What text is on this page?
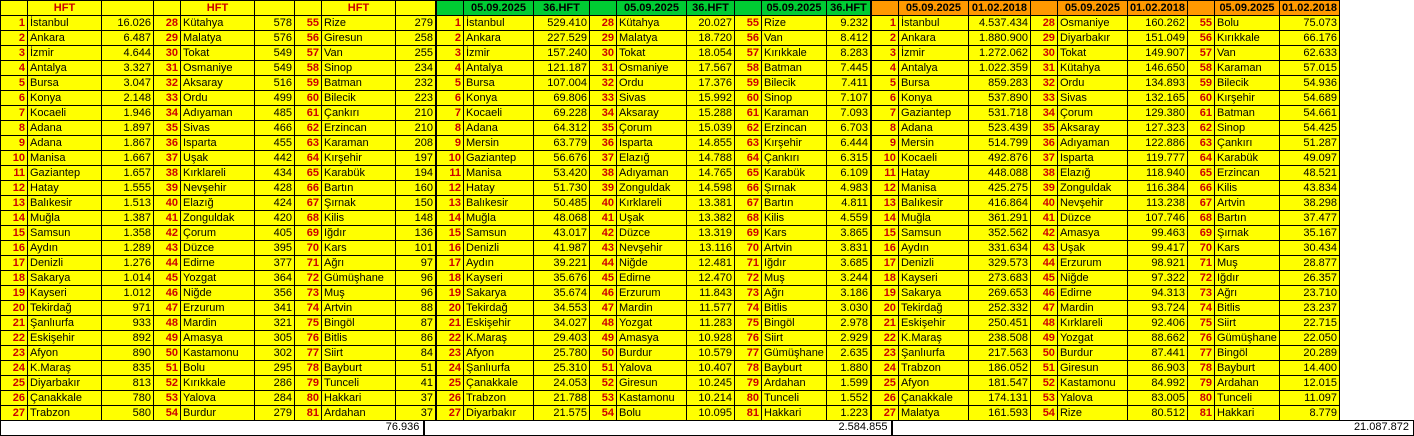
	HFT			HFT			HFT	
1	İstanbul	16.026	28	Kütahya	578	55	Rize	279
2	Ankara	6.487	29	Malatya	576	56	Giresun	258
3	İzmir	4.644	30	Tokat	549	57	Van	255
4	Antalya	3.327	31	Osmaniye	549	58	Sinop	234
5	Bursa	3.047	32	Aksaray	516	59	Batman	232
6	Konya	2.148	33	Ordu	499	60	Bilecik	223
7	Kocaeli	1.946	34	Adıyaman	485	61	Çankırı	210
8	Adana	1.897	35	Sivas	466	62	Erzincan	210
9	Adana	1.867	36	Isparta	455	63	Karaman	208
10	Manisa	1.667	37	Uşak	442	64	Kırşehir	197
11	Gaziantep	1.657	38	Kırklareli	434	65	Karabük	194
12	Hatay	1.555	39	Nevşehir	428	66	Bartın	160
13	Balıkesir	1.513	40	Elazığ	424	67	Şırnak	150
14	Muğla	1.387	41	Zonguldak	420	68	Kilis	148
15	Samsun	1.358	42	Çorum	405	69	Iğdır	136
16	Aydın	1.289	43	Düzce	395	70	Kars	101
17	Denizli	1.276	44	Edirne	377	71	Ağrı	97
18	Sakarya	1.014	45	Yozgat	364	72	Gümüşhane	96
19	Kayseri	1.012	46	Niğde	356	73	Muş	96
20	Tekirdağ	971	47	Erzurum	341	74	Artvin	88
21	Şanlıurfa	933	48	Mardin	321	75	Bingöl	87
22	Eskişehir	892	49	Amasya	305	76	Bitlis	86
23	Afyon	890	50	Kastamonu	302	77	Siirt	84
24	K.Maraş	835	51	Bolu	295	78	Bayburt	51
25	Diyarbakır	813	52	Kırıkkale	286	79	Tunceli	41
26	Çanakkale	780	53	Yalova	284	80	Hakkari	37
27	Trabzon	580	54	Burdur	279	81	Ardahan	37
	05.09.2025	36.HFT		05.09.2025	36.HFT		05.09.2025	36.HFT
1	İstanbul	529.410	28	Kütahya	20.027	55	Rize	9.232
2	Ankara	227.529	29	Malatya	18.720	56	Van	8.412
3	İzmir	157.240	30	Tokat	18.054	57	Kırıkkale	8.283
4	Antalya	121.187	31	Osmaniye	17.567	58	Batman	7.445
5	Bursa	107.004	32	Ordu	17.376	59	Bilecik	7.411
6	Konya	69.806	33	Sivas	15.992	60	Sinop	7.107
7	Kocaeli	69.228	34	Aksaray	15.288	61	Karaman	7.093
8	Adana	64.312	35	Çorum	15.039	62	Erzincan	6.703
9	Mersin	63.779	36	Isparta	14.855	63	Kırşehir	6.444
10	Gaziantep	56.676	37	Elazığ	14.788	64	Çankırı	6.315
11	Manisa	53.420	38	Adıyaman	14.765	65	Karabük	6.109
12	Hatay	51.730	39	Zonguldak	14.598	66	Şırnak	4.983
13	Balıkesir	50.485	40	Kırklareli	13.381	67	Bartın	4.811
14	Muğla	48.068	41	Uşak	13.382	68	Kilis	4.559
15	Samsun	43.017	42	Düzce	13.319	69	Kars	3.865
16	Denizli	41.987	43	Nevşehir	13.116	70	Artvin	3.831
17	Aydın	39.221	44	Niğde	12.481	71	Iğdır	3.685
18	Kayseri	35.676	45	Edirne	12.470	72	Muş	3.244
19	Sakarya	35.674	46	Erzurum	11.843	73	Ağrı	3.186
20	Tekirdağ	34.553	47	Mardin	11.577	74	Bitlis	3.030
21	Eskişehir	34.027	48	Yozgat	11.283	75	Bingöl	2.978
22	K.Maraş	29.403	49	Amasya	10.928	76	Siirt	2.929
23	Afyon	25.780	50	Burdur	10.579	77	Gümüşhane	2.635
24	Şanlıurfa	25.310	51	Yalova	10.407	78	Bayburt	1.880
25	Çanakkale	24.053	52	Giresun	10.245	79	Ardahan	1.599
26	Trabzon	21.788	53	Kastamonu	10.214	80	Tunceli	1.552
27	Diyarbakır	21.575	54	Bolu	10.095	81	Hakkari	1.223
	05.09.2025	01.02.2018		05.09.2025	01.02.2018		05.09.2025	01.02.2018
1	İstanbul	4.537.434	28	Osmaniye	160.262	55	Bolu	75.073
2	Ankara	1.880.900	29	Diyarbakır	151.049	56	Kırıkkale	66.176
3	İzmir	1.272.062	30	Tokat	149.907	57	Van	62.633
4	Antalya	1.022.359	31	Kütahya	146.650	58	Karaman	57.015
5	Bursa	859.283	32	Ordu	134.893	59	Bilecik	54.936
6	Konya	537.890	33	Sivas	132.165	60	Kırşehir	54.689
7	Gaziantep	531.718	34	Çorum	129.380	61	Batman	54.661
8	Adana	523.439	35	Aksaray	127.323	62	Sinop	54.425
9	Mersin	514.799	36	Adıyaman	122.886	63	Çankırı	51.287
10	Kocaeli	492.876	37	Isparta	119.777	64	Karabük	49.097
11	Hatay	448.088	38	Elazığ	118.940	65	Erzincan	48.521
12	Manisa	425.275	39	Zonguldak	116.384	66	Kilis	43.834
13	Balıkesir	416.864	40	Nevşehir	113.238	67	Artvin	38.298
14	Muğla	361.291	41	Düzce	107.746	68	Bartın	37.477
15	Samsun	352.562	42	Amasya	99.463	69	Şırnak	35.167
16	Aydın	331.634	43	Uşak	99.417	70	Kars	30.434
17	Denizli	329.573	44	Erzurum	98.921	71	Muş	28.877
18	Kayseri	273.683	45	Niğde	97.322	72	Iğdır	26.357
19	Sakarya	269.653	46	Edirne	94.313	73	Ağrı	23.710
20	Tekirdağ	252.332	47	Mardin	93.724	74	Bitlis	23.237
21	Eskişehir	250.451	48	Kırklareli	92.406	75	Siirt	22.715
22	K.Maraş	238.508	49	Yozgat	88.662	76	Gümüşhane	22.050
23	Şanlıurfa	217.563	50	Burdur	87.441	77	Bingöl	20.289
24	Trabzon	186.052	51	Giresun	86.903	78	Bayburt	14.400
25	Afyon	181.547	52	Kastamonu	84.992	79	Ardahan	12.015
26	Çanakkale	174.131	53	Yalova	83.005	80	Tunceli	11.097
27	Malatya	161.593	54	Rize	80.512	81	Hakkari	8.779
76.936	2.584.855	21.087.872
